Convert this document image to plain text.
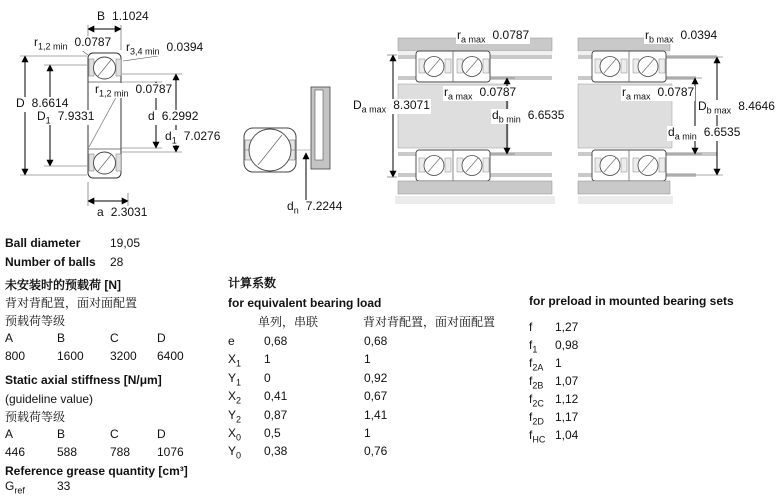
B 1.1024
$r_{1,2 min}$ 0.0787 $r_{3,4 min}$ 0.0394
D 8.6614
$D_1$ 7.9331
$r_{1,2 min}$ 0.0787
d 6.2992
$d_1$ 7.0276
a 2.3031	$d_n$ 7.2244
$r_{a max}$ 0.0787
$D_{a max}$ 8.3071
$r_{a max}$ 0.0787
$d_{b min}$ 6.6535
$r_{b max}$ 0.0394
$r_{a max}$ 0.0787
$D_{b max}$ 8.4646
$d_{a min}$ 6.6535
Ball diameter 19,05
Number of balls 28
未安装时的预载荷 [N]
背对背配置，面对面配置
预载荷等级
A	B	C	D
800	1600 3200 6400
Static axial stiffness [N/μm]
(guideline value)
预载荷等级
A	B	C	D
446	588	788 1076
Reference grease quantity [cm³]
$G_{ref}$	33
计算系数
for equivalent bearing load
单列，串联	背对背配置，面对面配置
e 0,68	0,68
$X_1$ 1	1
$Y_1$ 0	0,92
$X_2$ 0,41	0,67
$Y_2$ 0,87	1,41
$X_0$ 0,5	1
$Y_0$ 0,38	0,76
for preload in mounted bearing sets
f 1,27
$f_1$ 0,98
$f_{2A}$ 1
$f_{2B}$ 1,07
$f_{2C}$ 1,12
$f_{2D}$ 1,17
$f_{HC}$ 1,04
